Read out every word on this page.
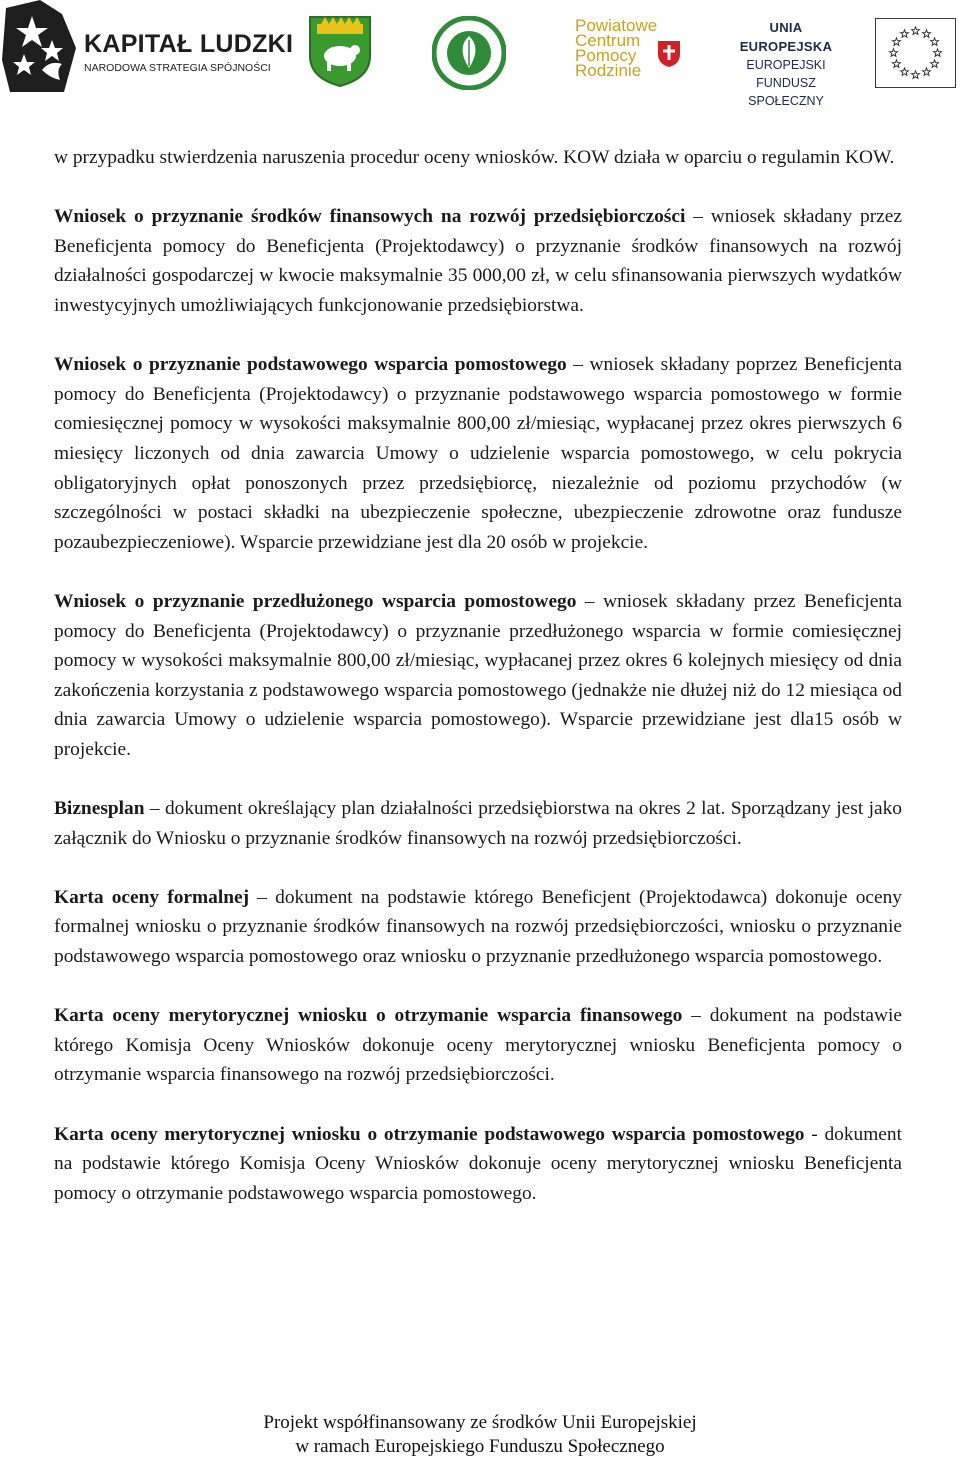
KAPITAŁ LUDZKI
NARODOWA STRATEGIA SPÓJNOŚCI
Powiatowe
Centrum
Pomocy
Rodzinie
UNIA EUROPEJSKA
EUROPEJSKI
FUNDUSZ SPOŁECZNY

w przypadku stwierdzenia naruszenia procedur oceny wniosków. KOW działa w oparciu o regulamin KOW.

Wniosek o przyznanie środków finansowych na rozwój przedsiębiorczości – wniosek składany przez Beneficjenta pomocy do Beneficjenta (Projektodawcy) o przyznanie środków finansowych na rozwój działalności gospodarczej w kwocie maksymalnie 35 000,00 zł, w celu sfinansowania pierwszych wydatków inwestycyjnych umożliwiających funkcjonowanie przedsiębiorstwa.

Wniosek o przyznanie podstawowego wsparcia pomostowego – wniosek składany poprzez Beneficjenta pomocy do Beneficjenta (Projektodawcy) o przyznanie podstawowego wsparcia pomostowego w formie comiesięcznej pomocy w wysokości maksymalnie 800,00 zł/miesiąc, wypłacanej przez okres pierwszych 6 miesięcy liczonych od dnia zawarcia Umowy o udzielenie wsparcia pomostowego, w celu pokrycia obligatoryjnych opłat ponoszonych przez przedsiębiorcę, niezależnie od poziomu przychodów (w szczególności w postaci składki na ubezpieczenie społeczne, ubezpieczenie zdrowotne oraz fundusze pozaubezpieczeniowe). Wsparcie przewidziane jest dla 20 osób w projekcie.

Wniosek o przyznanie przedłużonego wsparcia pomostowego – wniosek składany przez Beneficjenta pomocy do Beneficjenta (Projektodawcy) o przyznanie przedłużonego wsparcia w formie comiesięcznej pomocy w wysokości maksymalnie 800,00 zł/miesiąc, wypłacanej przez okres 6 kolejnych miesięcy od dnia zakończenia korzystania z podstawowego wsparcia pomostowego (jednakże nie dłużej niż do 12 miesiąca od dnia zawarcia Umowy o udzielenie wsparcia pomostowego). Wsparcie przewidziane jest dla15 osób w projekcie.

Biznesplan – dokument określający plan działalności przedsiębiorstwa na okres 2 lat. Sporządzany jest jako załącznik do Wniosku o przyznanie środków finansowych na rozwój przedsiębiorczości.

Karta oceny formalnej – dokument na podstawie którego Beneficjent (Projektodawca) dokonuje oceny formalnej wniosku o przyznanie środków finansowych na rozwój przedsiębiorczości, wniosku o przyznanie podstawowego wsparcia pomostowego oraz wniosku o przyznanie przedłużonego wsparcia pomostowego.

Karta oceny merytorycznej wniosku o otrzymanie wsparcia finansowego – dokument na podstawie którego Komisja Oceny Wniosków dokonuje oceny merytorycznej wniosku Beneficjenta pomocy o otrzymanie wsparcia finansowego na rozwój przedsiębiorczości.

Karta oceny merytorycznej wniosku o otrzymanie podstawowego wsparcia pomostowego - dokument na podstawie którego Komisja Oceny Wniosków dokonuje oceny merytorycznej wniosku Beneficjenta pomocy o otrzymanie podstawowego wsparcia pomostowego.

Projekt współfinansowany ze środków Unii Europejskiej
w ramach Europejskiego Funduszu Społecznego
